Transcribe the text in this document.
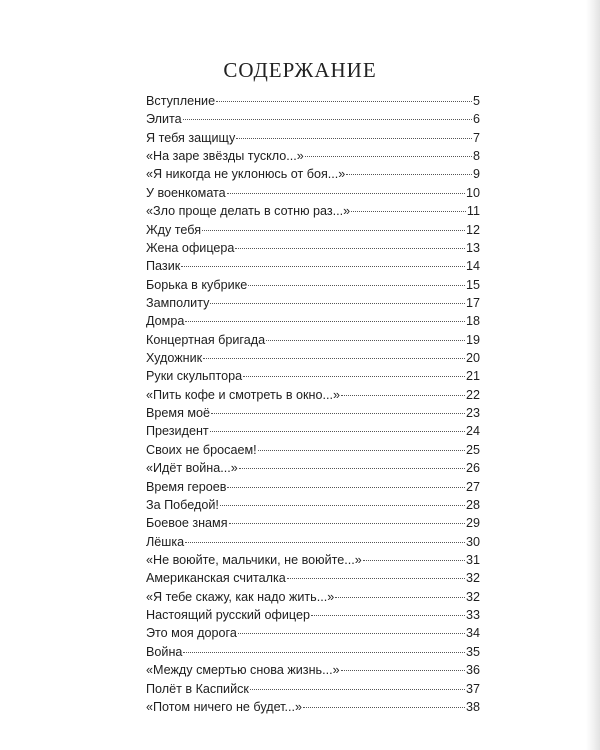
СОДЕРЖАНИЕ
Вступление	5
Элита	6
Я тебя защищу	7
«На заре звёзды тускло...»	8
«Я никогда не уклонюсь от боя...»	9
У военкомата	10
«Зло проще делать в сотню раз...»	11
Жду тебя	12
Жена офицера	13
Пазик	14
Борька в кубрике	15
Замполиту	17
Домра	18
Концертная бригада	19
Художник	20
Руки скульптора	21
«Пить кофе и смотреть в окно...»	22
Время моё	23
Президент	24
Своих не бросаем!	25
«Идёт война...»	26
Время героев	27
За Победой!	28
Боевое знамя	29
Лёшка	30
«Не воюйте, мальчики, не воюйте...»	31
Американская считалка	32
«Я тебе скажу, как надо жить...»	32
Настоящий русский офицер	33
Это моя дорога	34
Война	35
«Между смертью снова жизнь...»	36
Полёт в Каспийск	37
«Потом ничего не будет...»	38
